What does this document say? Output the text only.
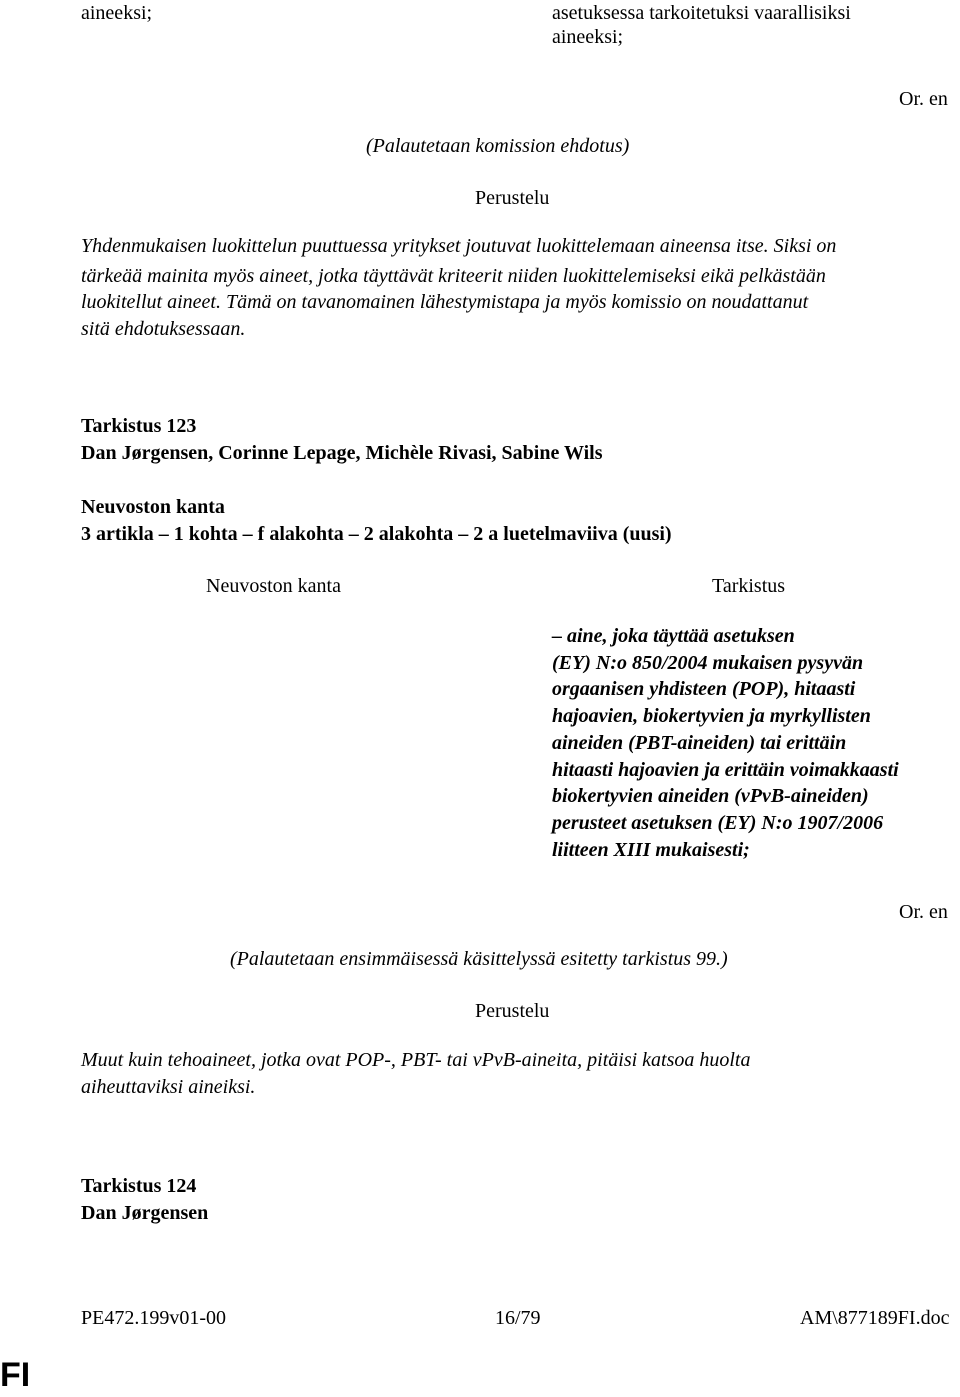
aineeksi;	asetuksessa tarkoitetuksi vaarallisiksi
aineeksi;
Or. en
(Palautetaan komission ehdotus)
Perustelu
Yhdenmukaisen luokittelun puuttuessa yritykset joutuvat luokittelemaan aineensa itse. Siksi on
tärkeää mainita myös aineet, jotka täyttävät kriteerit niiden luokittelemiseksi eikä pelkästään
luokitellut aineet. Tämä on tavanomainen lähestymistapa ja myös komissio on noudattanut
sitä ehdotuksessaan.
Tarkistus 123
Dan Jørgensen, Corinne Lepage, Michèle Rivasi, Sabine Wils
Neuvoston kanta
3 artikla – 1 kohta – f alakohta – 2 alakohta – 2 a luetelmaviiva (uusi)
Neuvoston kanta	Tarkistus
– aine, joka täyttää asetuksen
(EY) N:o 850/2004 mukaisen pysyvän
orgaanisen yhdisteen (POP), hitaasti
hajoavien, biokertyvien ja myrkyllisten
aineiden (PBT-aineiden) tai erittäin
hitaasti hajoavien ja erittäin voimakkaasti
biokertyvien aineiden (vPvB-aineiden)
perusteet asetuksen (EY) N:o 1907/2006
liitteen XIII mukaisesti;
Or. en
(Palautetaan ensimmäisessä käsittelyssä esitetty tarkistus 99.)
Perustelu
Muut kuin tehoaineet, jotka ovat POP-, PBT- tai vPvB-aineita, pitäisi katsoa huolta
aiheuttaviksi aineiksi.
Tarkistus 124
Dan Jørgensen
PE472.199v01-00	16/79	AM\877189FI.doc
FI
